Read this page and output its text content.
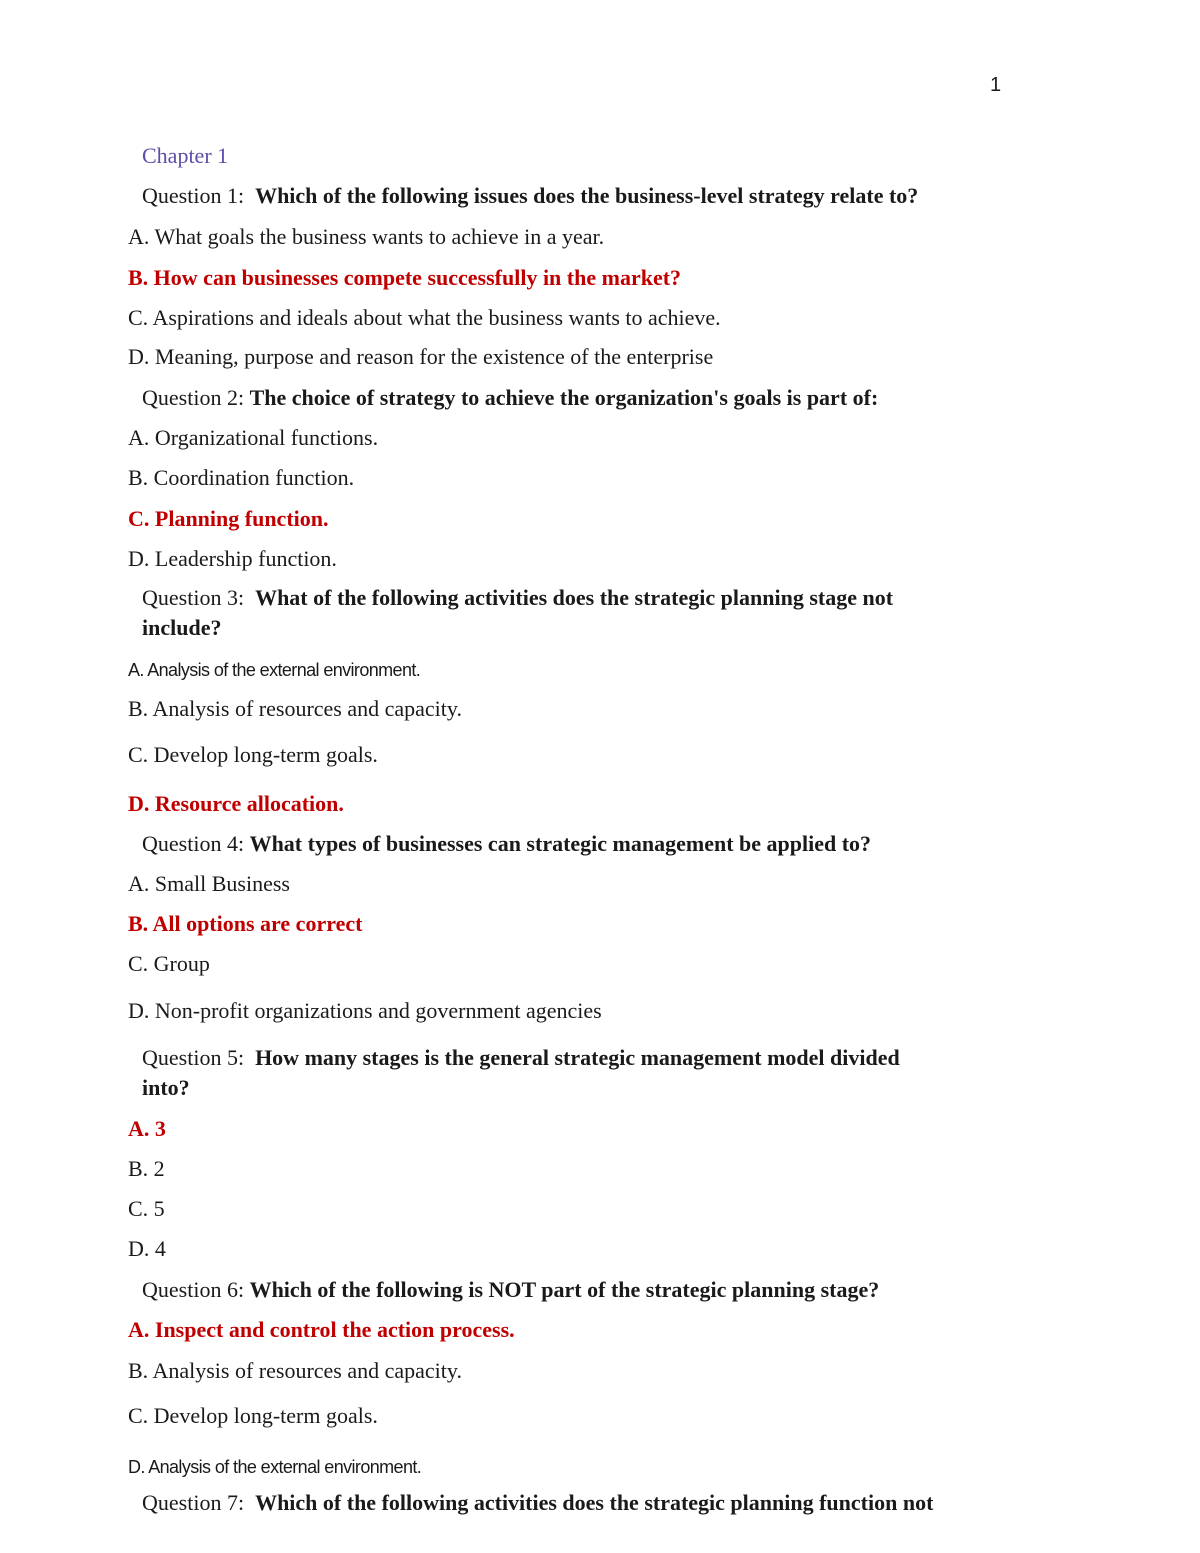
1
Chapter 1
Question 1: Which of the following issues does the business-level strategy relate to?
A. What goals the business wants to achieve in a year.
B. How can businesses compete successfully in the market?
C. Aspirations and ideals about what the business wants to achieve.
D. Meaning, purpose and reason for the existence of the enterprise
Question 2: The choice of strategy to achieve the organization's goals is part of:
A. Organizational functions.
B. Coordination function.
C. Planning function.
D. Leadership function.
Question 3: What of the following activities does the strategic planning stage not
include?
A. Analysis of the external environment.
B. Analysis of resources and capacity.
C. Develop long-term goals.
D. Resource allocation.
Question 4: What types of businesses can strategic management be applied to?
A. Small Business
B. All options are correct
C. Group
D. Non-profit organizations and government agencies
Question 5: How many stages is the general strategic management model divided
into?
A. 3
B. 2
C. 5
D. 4
Question 6: Which of the following is NOT part of the strategic planning stage?
A. Inspect and control the action process.
B. Analysis of resources and capacity.
C. Develop long-term goals.
D. Analysis of the external environment.
Question 7: Which of the following activities does the strategic planning function not
